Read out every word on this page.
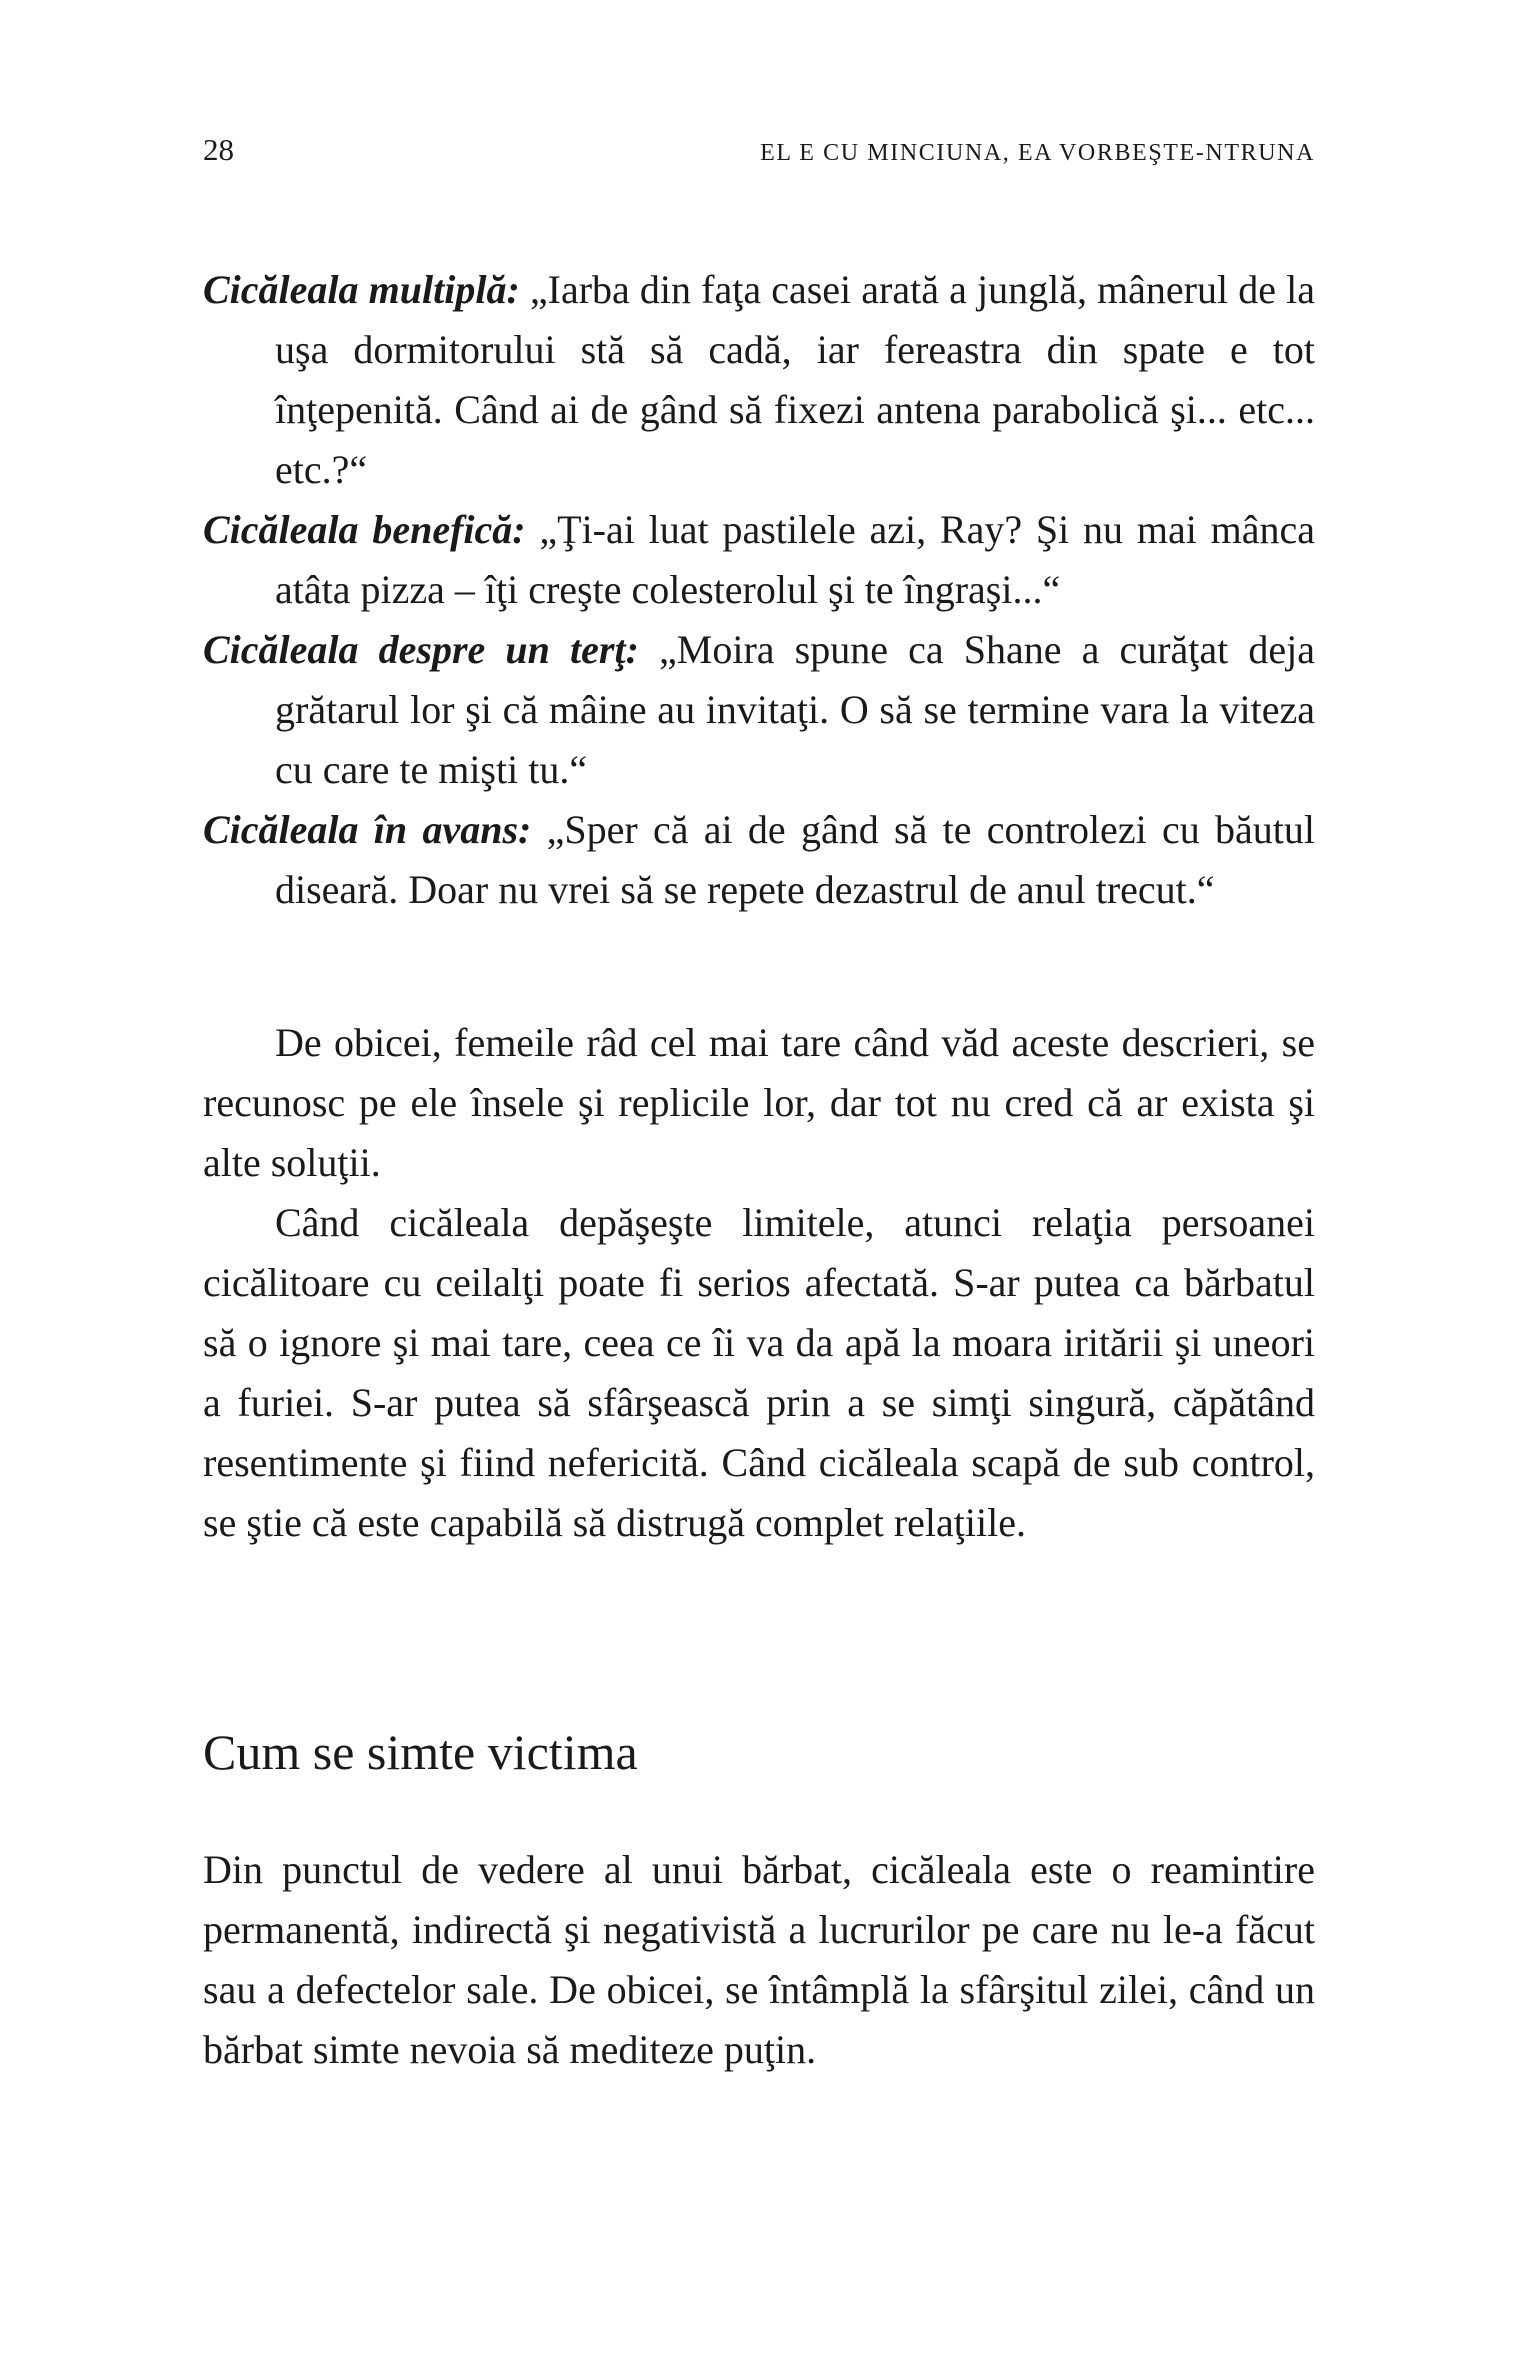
28	EL E CU MINCIUNA, EA VORBEŞTE-NTRUNA

Cicăleala multiplă: „Iarba din faţa casei arată a junglă, mânerul de la uşa dormitorului stă să cadă, iar fereastra din spate e tot înţepenită. Când ai de gând să fixezi antena parabolică şi... etc... etc.?“

Cicăleala benefică: „Ţi-ai luat pastilele azi, Ray? Şi nu mai mânca atâta pizza – îţi creşte colesterolul şi te îngraşi...“

Cicăleala despre un terţ: „Moira spune ca Shane a curăţat deja grătarul lor şi că mâine au invitaţi. O să se termine vara la viteza cu care te mişti tu.“

Cicăleala în avans: „Sper că ai de gând să te controlezi cu băutul diseară. Doar nu vrei să se repete dezastrul de anul trecut.“

De obicei, femeile râd cel mai tare când văd aceste descrieri, se recunosc pe ele însele şi replicile lor, dar tot nu cred că ar exista şi alte soluţii.

Când cicăleala depăşeşte limitele, atunci relaţia persoanei cicălitoare cu ceilalţi poate fi serios afectată. S-ar putea ca bărbatul să o ignore şi mai tare, ceea ce îi va da apă la moara iritării şi uneori a furiei. S-ar putea să sfârşească prin a se simţi singură, căpătând resentimente şi fiind nefericită. Când cicăleala scapă de sub control, se ştie că este capabilă să distrugă complet relaţiile.

Cum se simte victima

Din punctul de vedere al unui bărbat, cicăleala este o reamintire permanentă, indirectă şi negativistă a lucrurilor pe care nu le-a făcut sau a defectelor sale. De obicei, se întâmplă la sfârşitul zilei, când un bărbat simte nevoia să mediteze puţin.
